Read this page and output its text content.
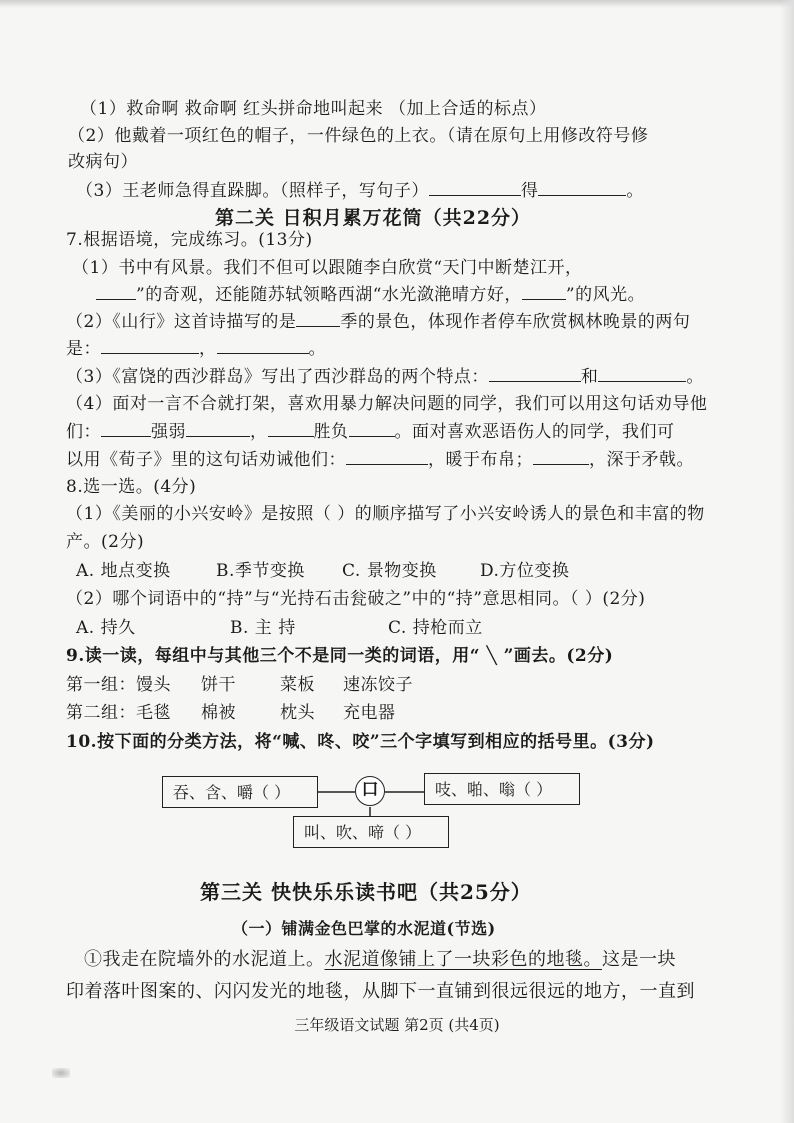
（1）救命啊 救命啊 红头拼命地叫起来 （加上合适的标点）
（2）他戴着一项红色的帽子，一件绿色的上衣。（请在原句上用修改符号修
改病句）
（3）王老师急得直跺脚。（照样子，写句子）	得	。
第二关 日积月累万花筒（共22分）
7.根据语境，完成练习。(13分)
（1）书中有风景。我们不但可以跟随李白欣赏“天门中断楚江开，
”的奇观，还能随苏轼领略西湖“水光潋滟晴方好，	”的风光。
（2）《山行》这首诗描写的是	季的景色，体现作者停车欣赏枫林晚景的两句
是：	，	。
（3）《富饶的西沙群岛》写出了西沙群岛的两个特点：	和	。
（4）面对一言不合就打架，喜欢用暴力解决问题的同学，我们可以用这句话劝导他
们：	强弱	，	胜负	。面对喜欢恶语伤人的同学，我们可
以用《荀子》里的这句话劝诫他们：	，暖于布帛；	，深于矛戟。
8.选一选。(4分)
（1）《美丽的小兴安岭》是按照（ ）的顺序描写了小兴安岭诱人的景色和丰富的物
产。(2分)
A. 地点变换	B.季节变换 C. 景物变换	D.方位变换
（2）哪个词语中的“持”与“光持石击瓮破之”中的“持”意思相同。（ ）(2分)
A. 持久	B. 主 持	C. 持枪而立
9.读一读，每组中与其他三个不是同一类的词语，用“ ╲ ”画去。(2分)
第一组：馒头 饼干	菜板 速冻饺子
第二组：毛毯 棉被	枕头 充电器
10.按下面的分类方法，将“喊、咚、咬”三个字填写到相应的括号里。(3分)
吞、含、嚼（ ）	口	吱、啪、嗡（ ）
叫、吹、啼（ ）
第三关 快快乐乐读书吧（共25分）
（一）铺满金色巴掌的水泥道(节选)
①我走在院墙外的水泥道上。水泥道像铺上了一块彩色的地毯。这是一块
印着落叶图案的、闪闪发光的地毯，从脚下一直铺到很远很远的地方，一直到
三年级语文试题 第2页 (共4页)
